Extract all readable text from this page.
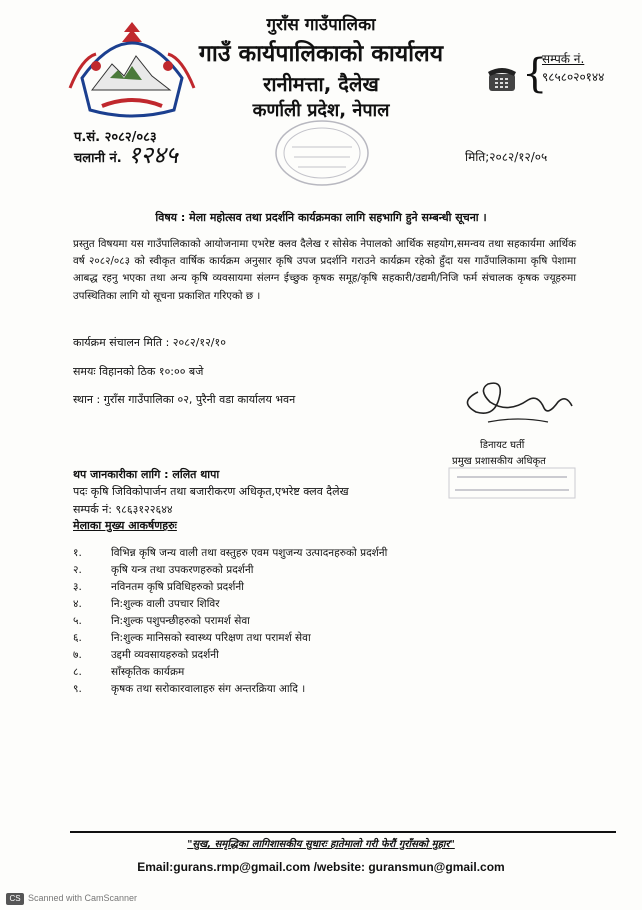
गुराँस गाउँपालिका
गाउँ कार्यपालिकाको कार्यालय
रानीमत्ता, दैलेख
कर्णाली प्रदेश, नेपाल
{
सम्पर्क नं.
९८५८०२०१४४
प.सं. २०८२/०८३
चलानी नं. १२४५	मिति;२०८२/१२/०५
विषय : मेला महोत्सव तथा प्रदर्शनि कार्यक्रमका लागि सहभागि हुने सम्बन्धी सूचना ।
प्रस्तुत विषयमा यस गाउँपालिकाको आयोजनामा एभरेष्ट क्लव दैलेख र सोसेक नेपालको आर्थिक सहयोग,समन्वय तथा सहकार्यमा आर्थिक वर्ष २०८२/०८३ को स्वीकृत वार्षिक कार्यक्रम अनुसार कृषि उपज प्रदर्शनि गराउने कार्यक्रम रहेको हुँदा यस गाउँपालिकामा कृषि पेशामा आबद्ध रहनु भएका तथा अन्य कृषि व्यवसायमा संलग्न ईच्छुक कृषक समूह/कृषि सहकारी/उद्यमी/निजि फर्म संचालक कृषक ज्यूहरुमा उपस्थितिका लागि यो सूचना प्रकाशित गरिएको छ ।
कार्यक्रम संचालन मिति : २०८२/१२/१०
समयः विहानको ठिक १०:०० बजे
स्थान : गुराँस गाउँपालिका ०२, पुरैनी वडा कार्यालय भवन
डिनायट घर्ती
प्रमुख प्रशासकीय अधिकृत
थप जानकारीका लागि : ललित थापा
पदः कृषि जिविकोपार्जन तथा बजारीकरण अधिकृत,एभरेष्ट क्लव दैलेख
सम्पर्क नं: ९८६३१२२६४४
मेलाका मुख्य आकर्षणहरुः
१.	विभिन्न कृषि जन्य वाली तथा वस्तुहरु एवम पशुजन्य उत्पादनहरुको प्रदर्शनी
२.	कृषि यन्त्र तथा उपकरणहरुको प्रदर्शनी
३.	नविनतम कृषि प्रविधिहरुको प्रदर्शनी
४.	नि:शुल्क वाली उपचार शिविर
५.	नि:शुल्क पशुपन्छीहरुको परामर्श सेवा
६.	नि:शुल्क मानिसको स्वास्थ्य परिक्षण तथा परामर्श सेवा
७.	उद्दमी व्यवसायहरुको प्रदर्शनी
८.	साँस्कृतिक कार्यक्रम
९.	कृषक तथा सरोकारवालाहरु संग अन्तरक्रिया आदि ।
"सुख, समृद्धिका लागिशासकीय सुधारः हातेमालो गरी फेरौं गुराँसको मुहार"
Email:gurans.rmp@gmail.com /website: guransmun@gmail.com
CS Scanned with CamScanner
